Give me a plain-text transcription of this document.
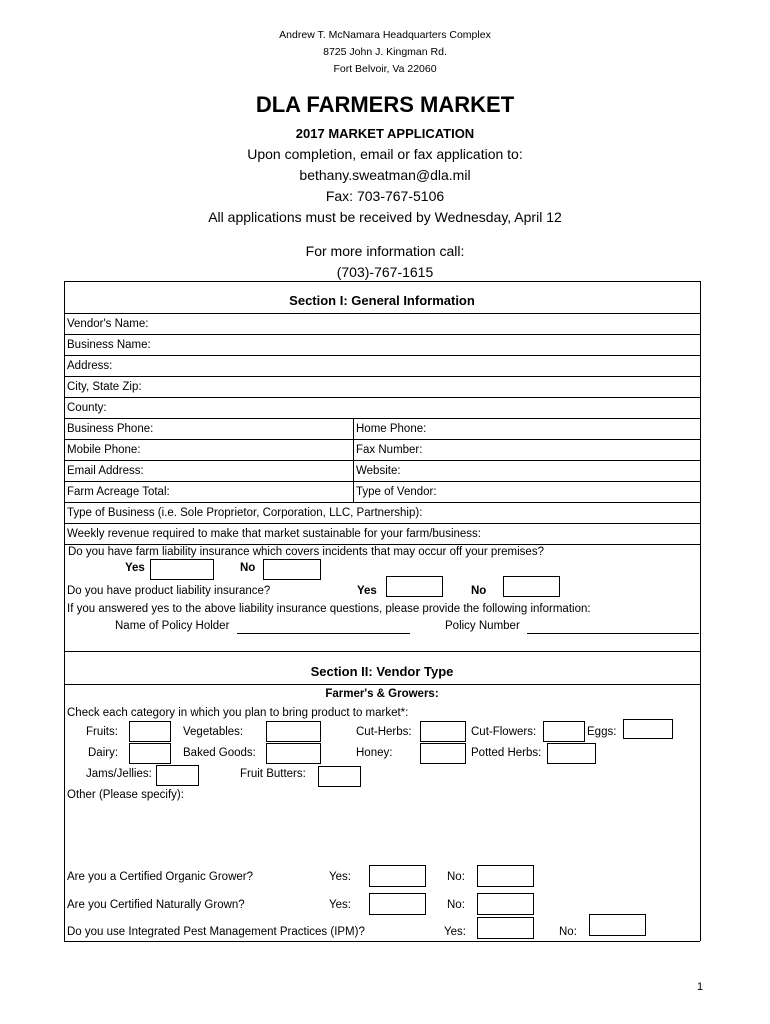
Andrew T. McNamara Headquarters Complex
8725 John J. Kingman Rd.
Fort Belvoir, Va 22060
DLA FARMERS MARKET
2017 MARKET APPLICATION
Upon completion, email or fax application to:
bethany.sweatman@dla.mil
Fax: 703-767-5106
All applications must be received by Wednesday, April 12
For more information call:
(703)-767-1615
Section I: General Information
Vendor's Name:
Business Name:
Address:
City, State Zip:
County:
Business Phone:	Home Phone:
Mobile Phone:	Fax Number:
Email Address:	Website:
Farm Acreage Total:	Type of Vendor:
Type of Business (i.e. Sole Proprietor, Corporation, LLC, Partnership):
Weekly revenue required to make that market sustainable for your farm/business:
Do you have farm liability insurance which covers incidents that may occur off your premises?
Yes	No
Do you have product liability insurance?	Yes	No
If you answered yes to the above liability insurance questions, please provide the following information:
Name of Policy Holder	Policy Number
Section II: Vendor Type
Farmer's & Growers:
Check each category in which you plan to bring product to market*:
Fruits:	Vegetables:	Cut-Herbs:	Cut-Flowers:	Eggs:
Dairy:	Baked Goods:	Honey:	Potted Herbs:
Jams/Jellies:	Fruit Butters:
Other (Please specify):
Are you a Certified Organic Grower?	Yes:	No:
Are you Certified Naturally Grown?	Yes:	No:
Do you use Integrated Pest Management Practices (IPM)?	Yes:	No:
1
